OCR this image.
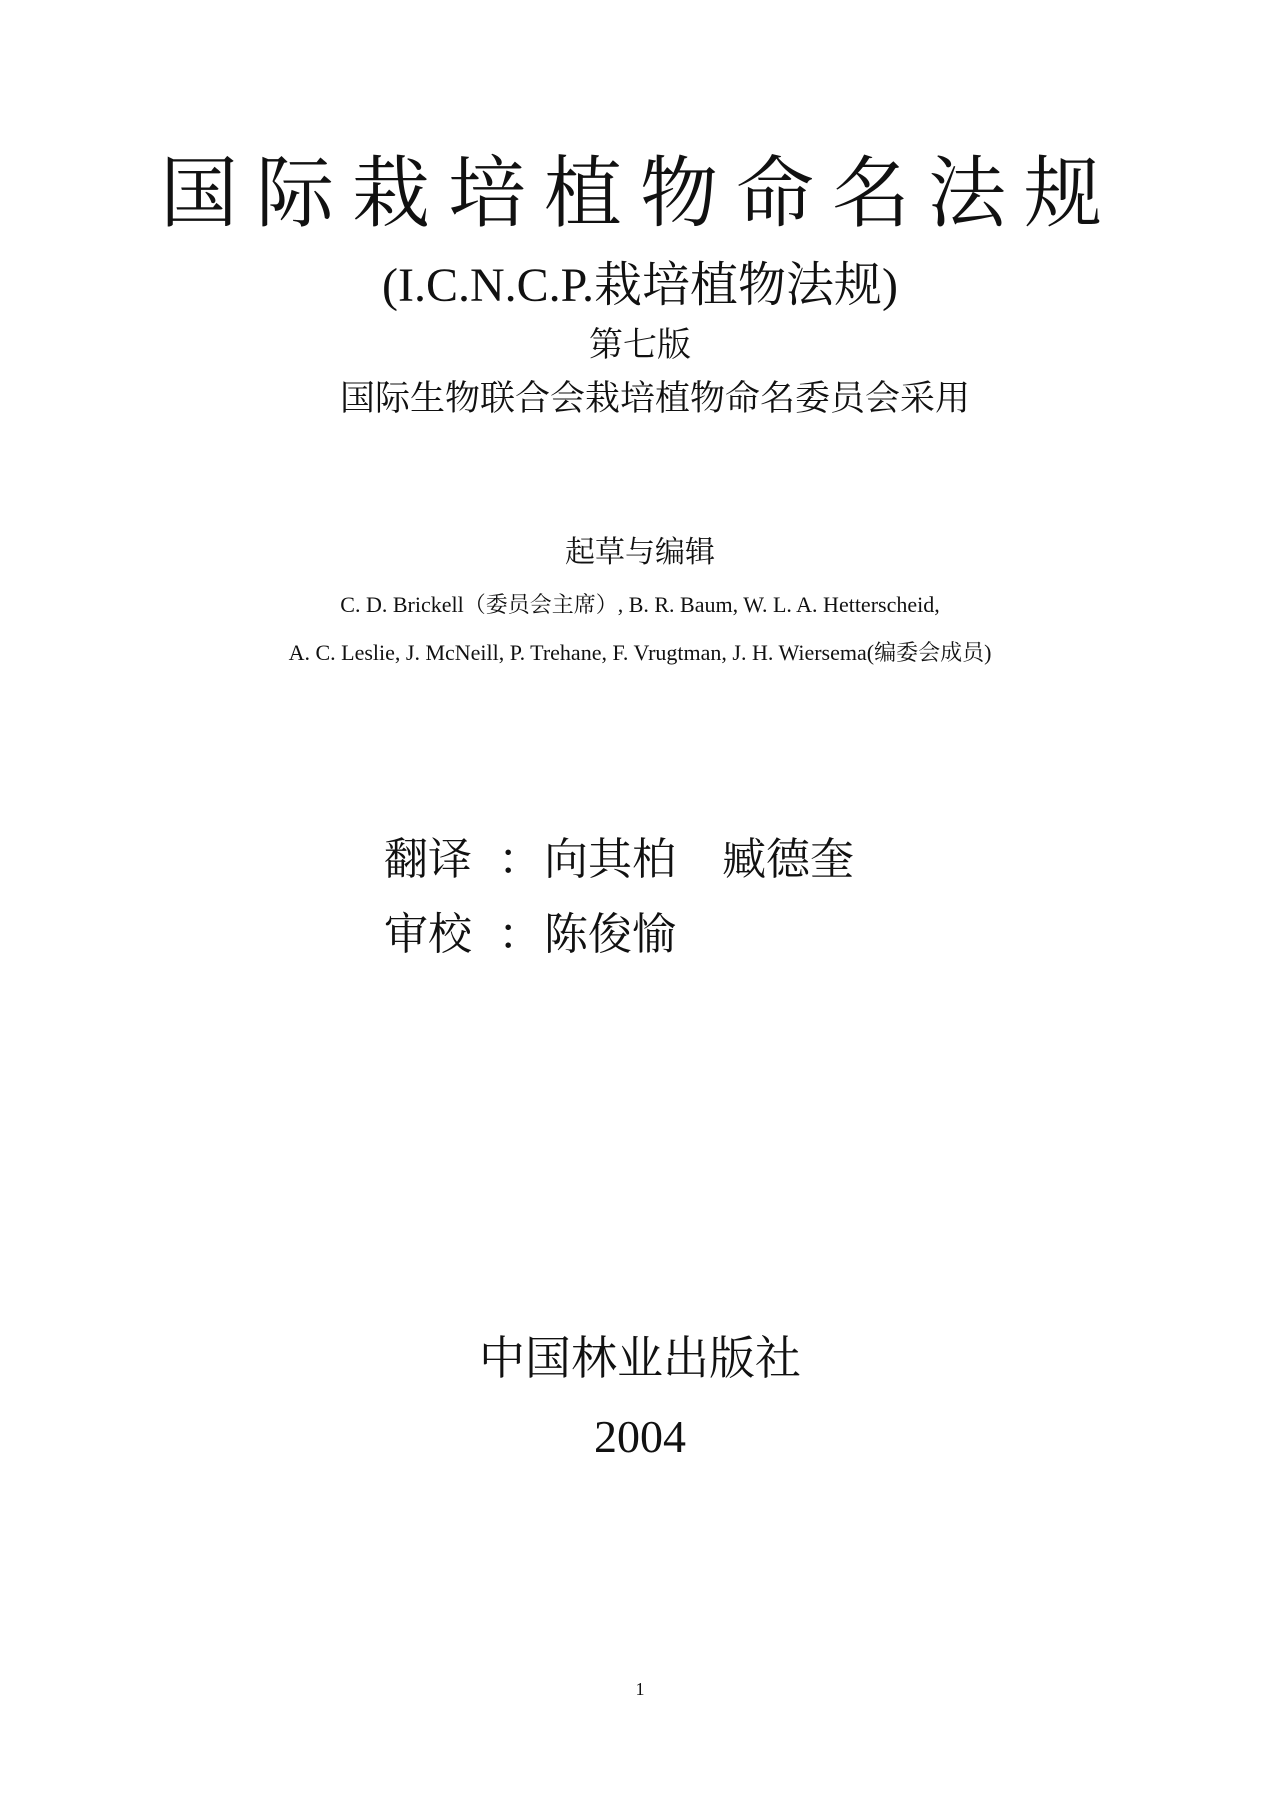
国际栽培植物命名法规
(I.C.N.C.P.栽培植物法规)
第七版
国际生物联合会栽培植物命名委员会采用
起草与编辑
C. D. Brickell（委员会主席）, B. R. Baum, W. L. A. Hetterscheid,
A. C. Leslie, J. McNeill, P. Trehane, F. Vrugtman, J. H. Wiersema(编委会成员)
翻译 ：向其柏 臧德奎
审校 ：陈俊愉
中国林业出版社
2004
1
